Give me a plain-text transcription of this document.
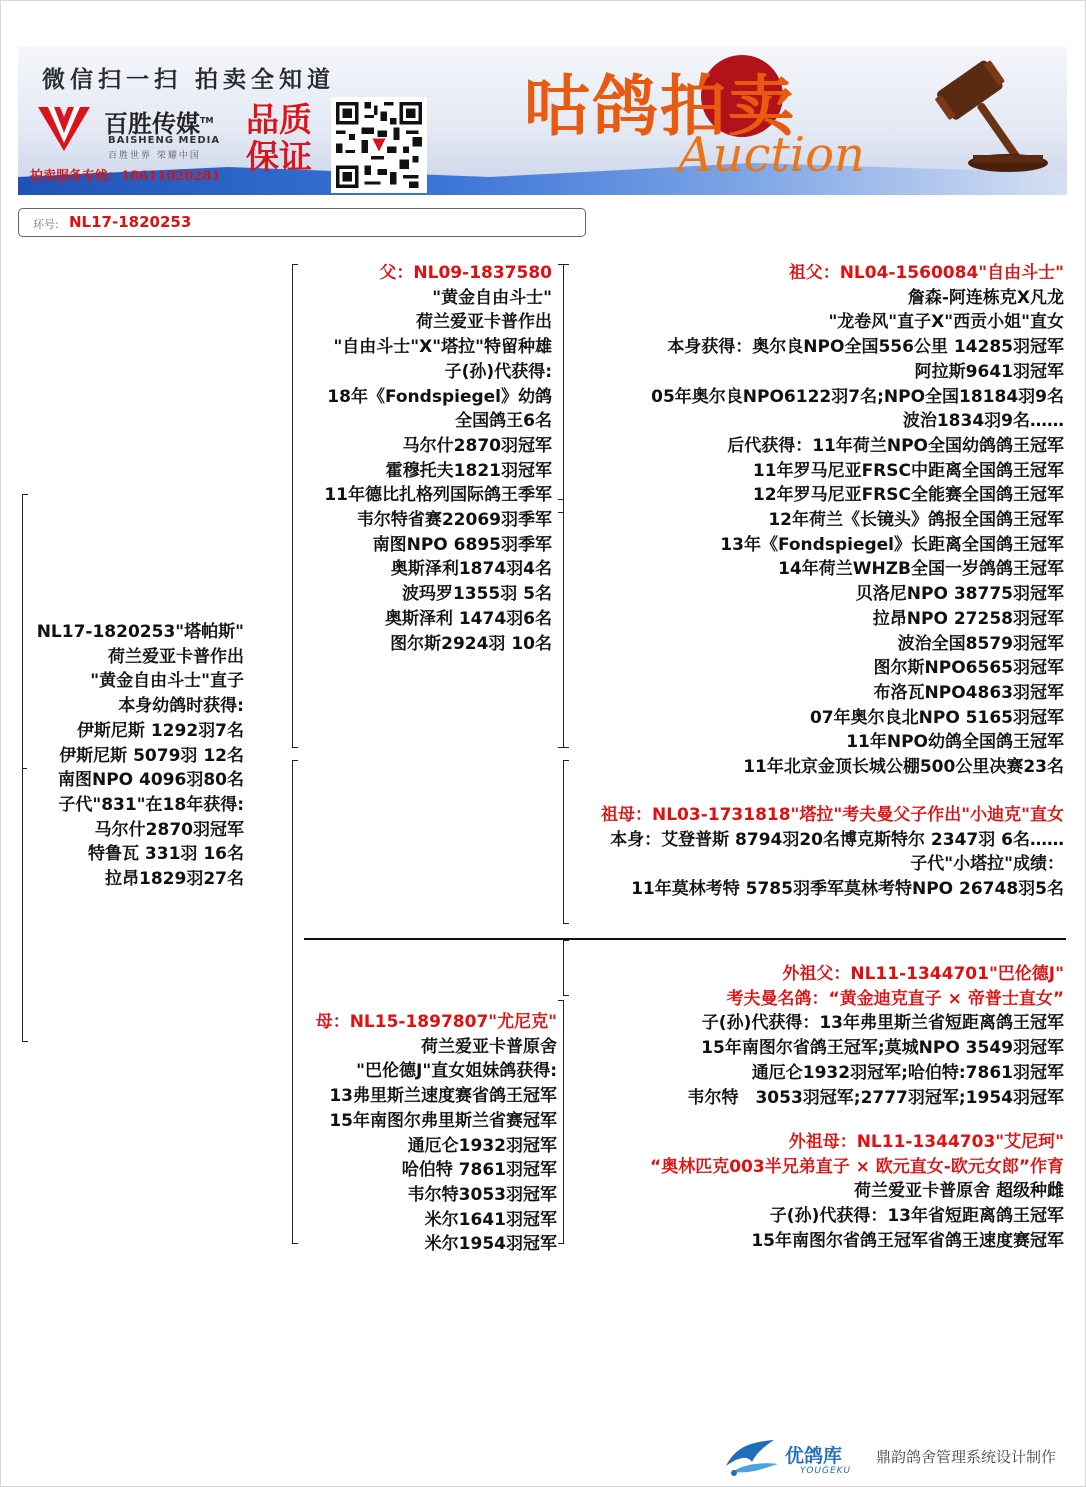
微信扫一扫 拍卖全知道
百胜传媒™
BAISHENG MEDIA
百胜世界 荣耀中国
拍卖服务专线：18611020281
品质
保证
咕鸽拍卖
Auction
环号: NL17-1820253
NL17-1820253"塔帕斯"
荷兰爱亚卡普作出
"黄金自由斗士"直子
本身幼鸽时获得:
伊斯尼斯 1292羽7名
伊斯尼斯 5079羽 12名
南图NPO 4096羽80名
子代"831"在18年获得:
马尔什2870羽冠军
特鲁瓦 331羽 16名
拉昂1829羽27名
父：NL09-1837580
"黄金自由斗士"
荷兰爱亚卡普作出
"自由斗士"X"塔拉"特留种雄
子(孙)代获得:
18年《Fondspiegel》幼鸽
全国鸽王6名
马尔什2870羽冠军
霍穆托夫1821羽冠军
11年德比扎格列国际鸽王季军
韦尔特省赛22069羽季军
南图NPO 6895羽季军
奥斯泽利1874羽4名
波玛罗1355羽 5名
奥斯泽利 1474羽6名
图尔斯2924羽 10名
母：NL15-1897807"尤尼克"
荷兰爱亚卡普原舍
"巴伦德J"直女姐妹鸽获得:
13弗里斯兰速度赛省鸽王冠军
15年南图尔弗里斯兰省赛冠军
通厄仑1932羽冠军
哈伯特 7861羽冠军
韦尔特3053羽冠军
米尔1641羽冠军
米尔1954羽冠军
祖父：NL04-1560084"自由斗士"
詹森-阿连栋克X凡龙
"龙卷风"直子X"西贡小姐"直女
本身获得：奥尔良NPO全国556公里 14285羽冠军
阿拉斯9641羽冠军
05年奥尔良NPO6122羽7名;NPO全国18184羽9名
波治1834羽9名……
后代获得：11年荷兰NPO全国幼鸽鸽王冠军
11年罗马尼亚FRSC中距离全国鸽王冠军
12年罗马尼亚FRSC全能赛全国鸽王冠军
12年荷兰《长镜头》鸽报全国鸽王冠军
13年《Fondspiegel》长距离全国鸽王冠军
14年荷兰WHZB全国一岁鸽鸽王冠军
贝洛尼NPO 38775羽冠军
拉昂NPO 27258羽冠军
波治全国8579羽冠军
图尔斯NPO6565羽冠军
布洛瓦NPO4863羽冠军
07年奥尔良北NPO 5165羽冠军
11年NPO幼鸽全国鸽王冠军
11年北京金顶长城公棚500公里决赛23名
祖母：NL03-1731818"塔拉"考夫曼父子作出"小迪克"直女
本身：艾登普斯 8794羽20名博克斯特尔 2347羽 6名……
子代"小塔拉"成绩：
11年莫林考特 5785羽季军莫林考特NPO 26748羽5名
外祖父：NL11-1344701"巴伦德J"
考夫曼名鸽：“黄金迪克直子 × 帝普士直女”
子(孙)代获得：13年弗里斯兰省短距离鸽王冠军
15年南图尔省鸽王冠军;莫城NPO 3549羽冠军
通厄仑1932羽冠军;哈伯特:7861羽冠军
韦尔特　3053羽冠军;2777羽冠军;1954羽冠军
外祖母：NL11-1344703"艾尼珂"
“奥林匹克003半兄弟直子 × 欧元直女-欧元女郎”作育
荷兰爱亚卡普原舍 超级种雌
子(孙)代获得：13年省短距离鸽王冠军
15年南图尔省鸽王冠军省鸽王速度赛冠军
优鸽库
YOUGEKU
鼎韵鸽舍管理系统设计制作
